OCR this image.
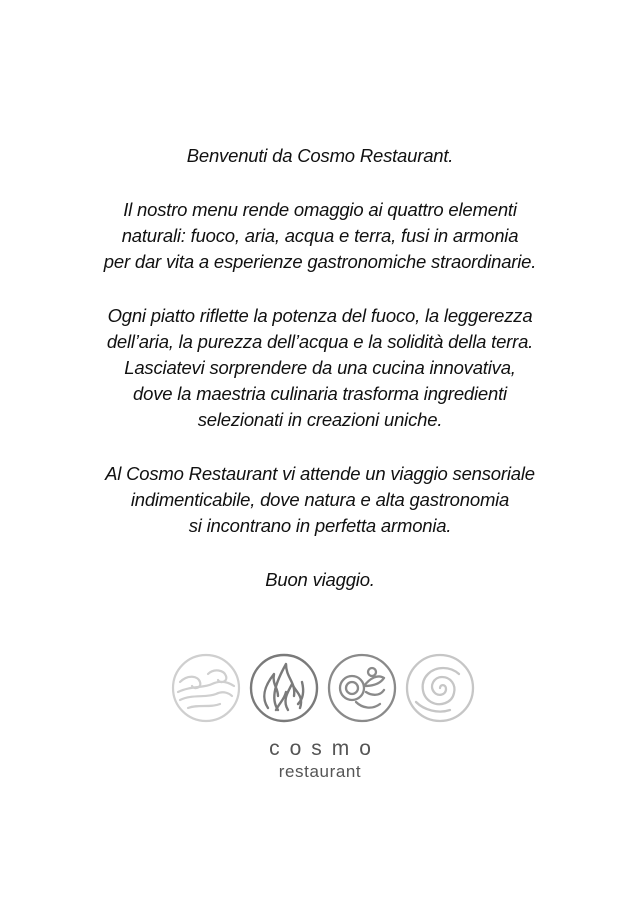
Benvenuti da Cosmo Restaurant.
Il nostro menu rende omaggio ai quattro elementi
naturali: fuoco, aria, acqua e terra, fusi in armonia
per dar vita a esperienze gastronomiche straordinarie.
Ogni piatto riflette la potenza del fuoco, la leggerezza
dell’aria, la purezza dell’acqua e la solidità della terra.
Lasciatevi sorprendere da una cucina innovativa,
dove la maestria culinaria trasforma ingredienti
selezionati in creazioni uniche.
Al Cosmo Restaurant vi attende un viaggio sensoriale
indimenticabile, dove natura e alta gastronomia
si incontrano in perfetta armonia.
Buon viaggio.
cosmo
restaurant
